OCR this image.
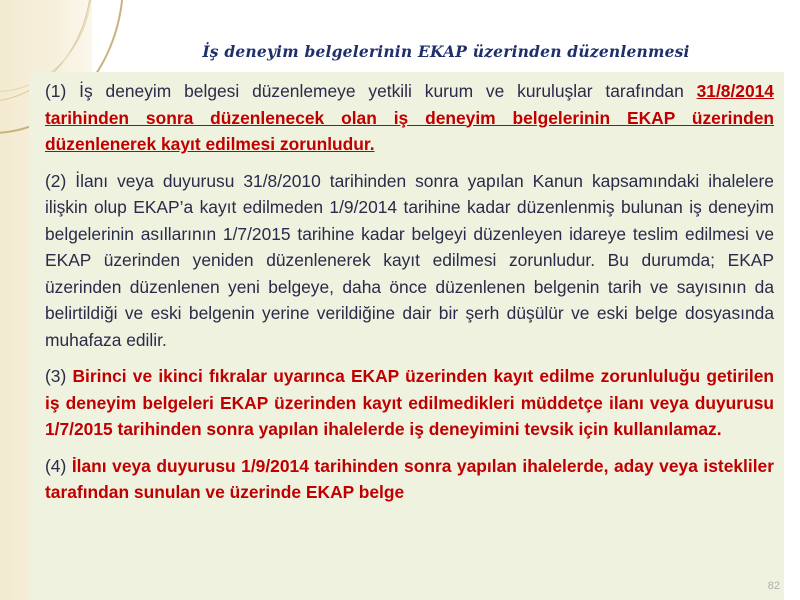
İş deneyim belgelerinin EKAP üzerinden düzenlenmesi

(1) İş deneyim belgesi düzenlemeye yetkili kurum ve kuruluşlar tarafından 31/8/2014 tarihinden sonra düzenlenecek olan iş deneyim belgelerinin EKAP üzerinden düzenlenerek kayıt edilmesi zorunludur.

(2) İlanı veya duyurusu 31/8/2010 tarihinden sonra yapılan Kanun kapsamındaki ihalelere ilişkin olup EKAP’a kayıt edilmeden 1/9/2014 tarihine kadar düzenlenmiş bulunan iş deneyim belgelerinin asıllarının 1/7/2015 tarihine kadar belgeyi düzenleyen idareye teslim edilmesi ve EKAP üzerinden yeniden düzenlenerek kayıt edilmesi zorunludur. Bu durumda; EKAP üzerinden düzenlenen yeni belgeye, daha önce düzenlenen belgenin tarih ve sayısının da belirtildiği ve eski belgenin yerine verildiğine dair bir şerh düşülür ve eski belge dosyasında muhafaza edilir.

(3) Birinci ve ikinci fıkralar uyarınca EKAP üzerinden kayıt edilme zorunluluğu getirilen iş deneyim belgeleri EKAP üzerinden kayıt edilmedikleri müddetçe ilanı veya duyurusu 1/7/2015 tarihinden sonra yapılan ihalelerde iş deneyimini tevsik için kullanılamaz.

(4) İlanı veya duyurusu 1/9/2014 tarihinden sonra yapılan ihalelerde, aday veya istekliler tarafından sunulan ve üzerinde EKAP belge

82
